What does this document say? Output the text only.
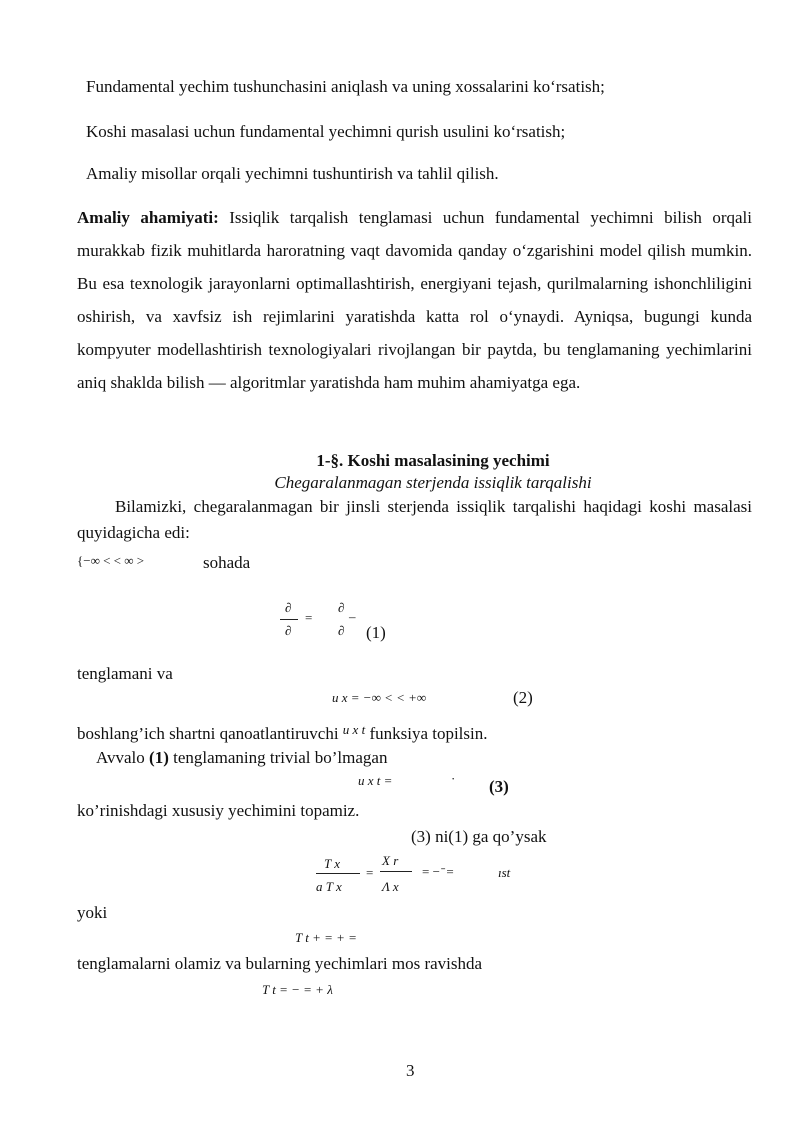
Fundamental yechim tushunchasini aniqlash va uning xossalarini ko‘rsatish;
Koshi masalasi uchun fundamental yechimni qurish usulini ko‘rsatish;
Amaliy misollar orqali yechimni tushuntirish va tahlil qilish.

Amaliy ahamiyati: Issiqlik tarqalish tenglamasi uchun fundamental yechimni bilish orqali murakkab fizik muhitlarda haroratning vaqt davomida qanday o‘zgarishini model qilish mumkin. Bu esa texnologik jarayonlarni optimallashtirish, energiyani tejash, qurilmalarning ishonchliligini oshirish, va xavfsiz ish rejimlarini yaratishda katta rol o‘ynaydi. Ayniqsa, bugungi kunda kompyuter modellashtirish texnologiyalari rivojlangan bir paytda, bu tenglamaning yechimlarini aniq shaklda bilish — algoritmlar yaratishda ham muhim ahamiyatga ega.

1-§. Koshi masalasining yechimi
Chegaralanmagan sterjenda issiqlik tarqalishi

Bilamizki, chegaralanmagan bir jinsli sterjenda issiqlik tarqalishi haqidagi koshi masalasi quyidagicha edi:

{−∞ < < ∞ >	sohada
∂
∂
=
∂
∂
–
(1)
tenglamani va
u x = −∞ < < +∞	(2)
boshlang’ich shartni qanoatlantiruvchi $^{u x t}$ funksiya topilsin.
Avvalo (1) tenglamaning trivial bo’lmagan
u x t =	· (3)
ko’rinishdagi xususiy yechimini topamiz.
(3) ni(1) ga qo’ysak
T x
a T x
=
X r
Λ x
= − ̄ =	ıst
yoki
T t + = + =
tenglamalarni olamiz va bularning yechimlari mos ravishda
T t = − = + λ
3
